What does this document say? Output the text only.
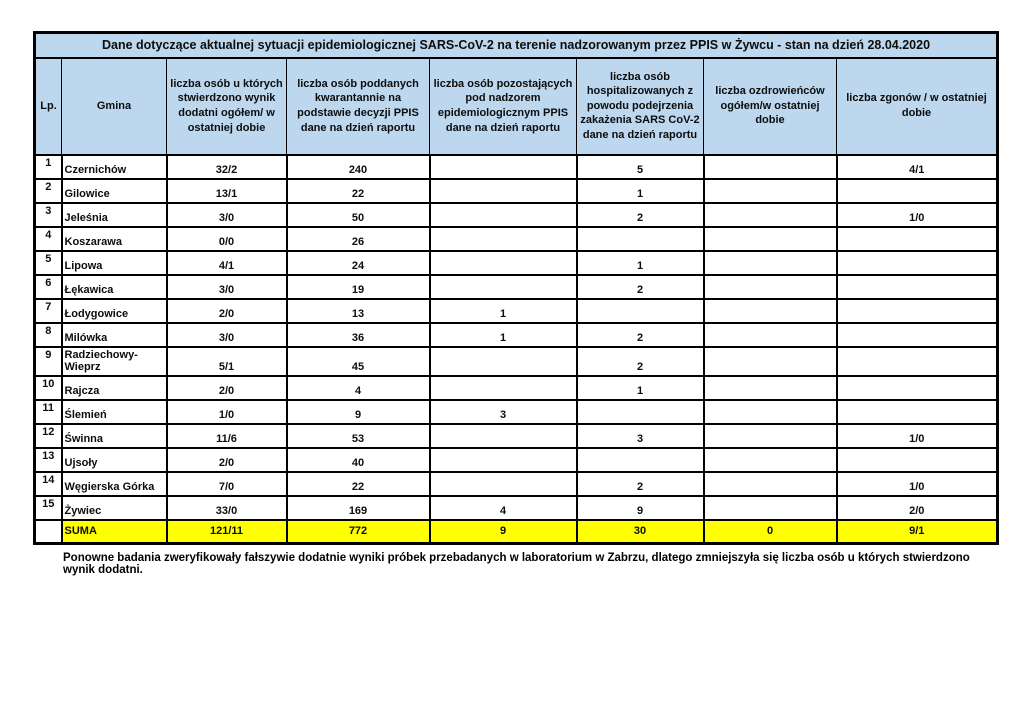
Dane dotyczące aktualnej sytuacji epidemiologicznej SARS-CoV-2 na terenie nadzorowanym przez PPIS w Żywcu - stan na dzień 28.04.2020							
Lp.	Gmina	liczba osób u których stwierdzono wynik dodatni ogółem/ w ostatniej dobie	liczba osób poddanych kwarantannie na podstawie decyzji PPIS dane na dzień raportu	liczba osób pozostających pod nadzorem epidemiologicznym PPIS dane na dzień raportu	liczba osób hospitalizowanych z powodu podejrzenia zakażenia SARS CoV-2 dane na dzień raportu	liczba ozdrowieńców ogółem/w ostatniej dobie	liczba zgonów / w ostatniej dobie
1	Czernichów	32/2	240		5		4/1
2	Gilowice	13/1	22		1		
3	Jeleśnia	3/0	50		2		1/0
4	Koszarawa	0/0	26				
5	Lipowa	4/1	24		1		
6	Łękawica	3/0	19		2		
7	Łodygowice	2/0	13	1			
8	Milówka	3/0	36	1	2		
9	Radziechowy-Wieprz	5/1	45		2		
10	Rajcza	2/0	4		1		
11	Ślemień	1/0	9	3			
12	Świnna	11/6	53		3		1/0
13	Ujsoły	2/0	40				
14	Węgierska Górka	7/0	22		2		1/0
15	Żywiec	33/0	169	4	9		2/0
	SUMA	121/11	772	9	30	0	9/1

Ponowne badania zweryfikowały fałszywie dodatnie wyniki próbek przebadanych w laboratorium w Zabrzu, dlatego zmniejszyła się liczba osób u których stwierdzono wynik dodatni.
